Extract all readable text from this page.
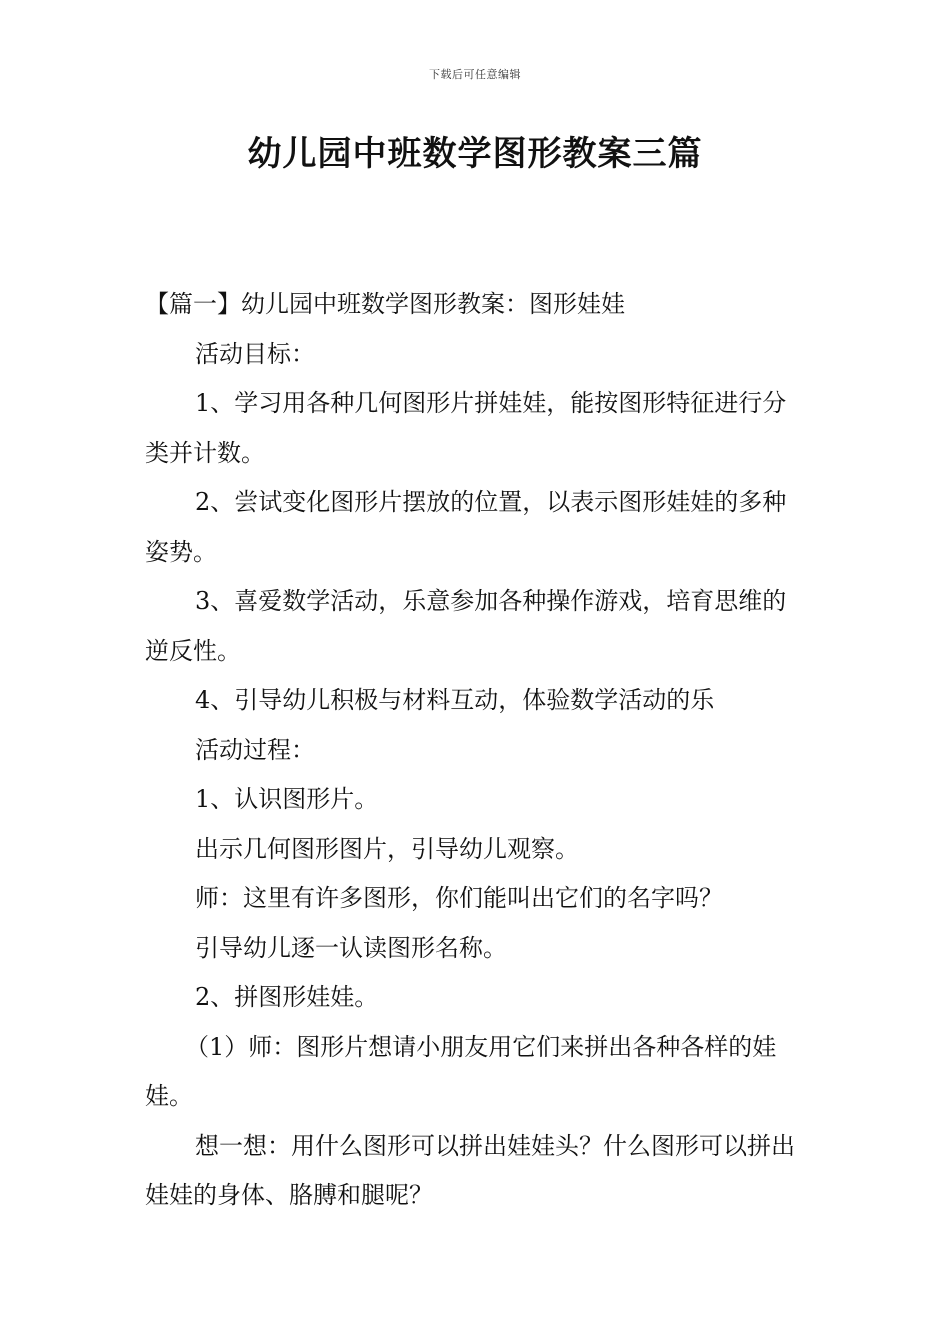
下载后可任意编辑
幼儿园中班数学图形教案三篇

【篇一】幼儿园中班数学图形教案：图形娃娃

活动目标：

1、学习用各种几何图形片拼娃娃，能按图形特征进行分类并计数。

2、尝试变化图形片摆放的位置，以表示图形娃娃的多种姿势。

3、喜爱数学活动，乐意参加各种操作游戏，培育思维的逆反性。

4、引导幼儿积极与材料互动，体验数学活动的乐

活动过程：

1、认识图形片。

出示几何图形图片，引导幼儿观察。

师：这里有许多图形，你们能叫出它们的名字吗？

引导幼儿逐一认读图形名称。

2、拼图形娃娃。

（1）师：图形片想请小朋友用它们来拼出各种各样的娃娃。

想一想：用什么图形可以拼出娃娃头？什么图形可以拼出娃娃的身体、胳膊和腿呢？
